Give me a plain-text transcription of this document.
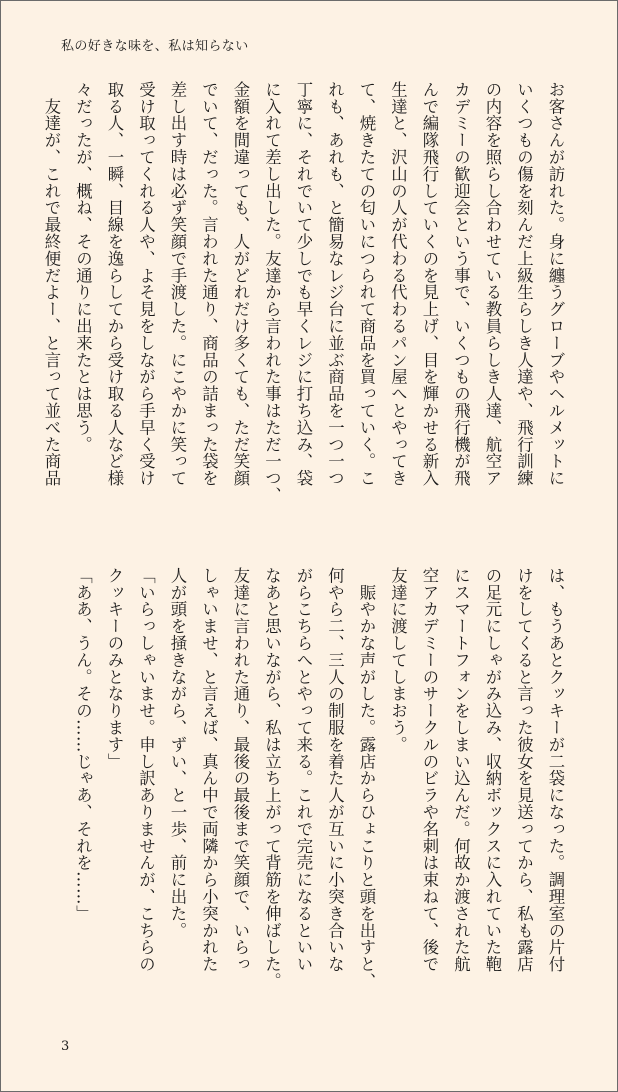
私の好きな味を、私は知らない

お客さんが訪れた。身に纏うグローブやヘルメットに

いくつもの傷を刻んだ上級生らしき人達や、飛行訓練

の内容を照らし合わせている教員らしき人達、航空ア

カデミーの歓迎会という事で、いくつもの飛行機が飛

んで編隊飛行していくのを見上げ、目を輝かせる新入

生達と、沢山の人が代わる代わるパン屋へとやってき

て、焼きたての匂いにつられて商品を買っていく。こ

れも、あれも、と簡易なレジ台に並ぶ商品を一つ一つ

丁寧に、それでいて少しでも早くレジに打ち込み、袋

に入れて差し出した。友達から言われた事はただ一つ、

金額を間違っても、人がどれだけ多くても、ただ笑顔

でいて、だった。言われた通り、商品の詰まった袋を

差し出す時は必ず笑顔で手渡した。にこやかに笑って

受け取ってくれる人や、よそ見をしながら手早く受け

取る人、一瞬、目線を逸らしてから受け取る人など様

々だったが、概ね、その通りに出来たとは思う。

　友達が、これで最終便だよー、と言って並べた商品

は、もうあとクッキーが二袋になった。調理室の片付

けをしてくると言った彼女を見送ってから、私も露店

の足元にしゃがみ込み、収納ボックスに入れていた鞄

にスマートフォンをしまい込んだ。何故か渡された航

空アカデミーのサークルのビラや名刺は束ねて、後で

友達に渡してしまおう。

　賑やかな声がした。露店からひょこりと頭を出すと、

何やら二、三人の制服を着た人が互いに小突き合いな

がらこちらへとやって来る。これで完売になるといい

なあと思いながら、私は立ち上がって背筋を伸ばした。

友達に言われた通り、最後の最後まで笑顔で、いらっ

しゃいませ、と言えば、真ん中で両隣から小突かれた

人が頭を掻きながら、ずい、と一歩、前に出た。

「いらっしゃいませ。申し訳ありませんが、こちらの

クッキーのみとなります」

「ああ、うん。その……じゃあ、それを……」

3
